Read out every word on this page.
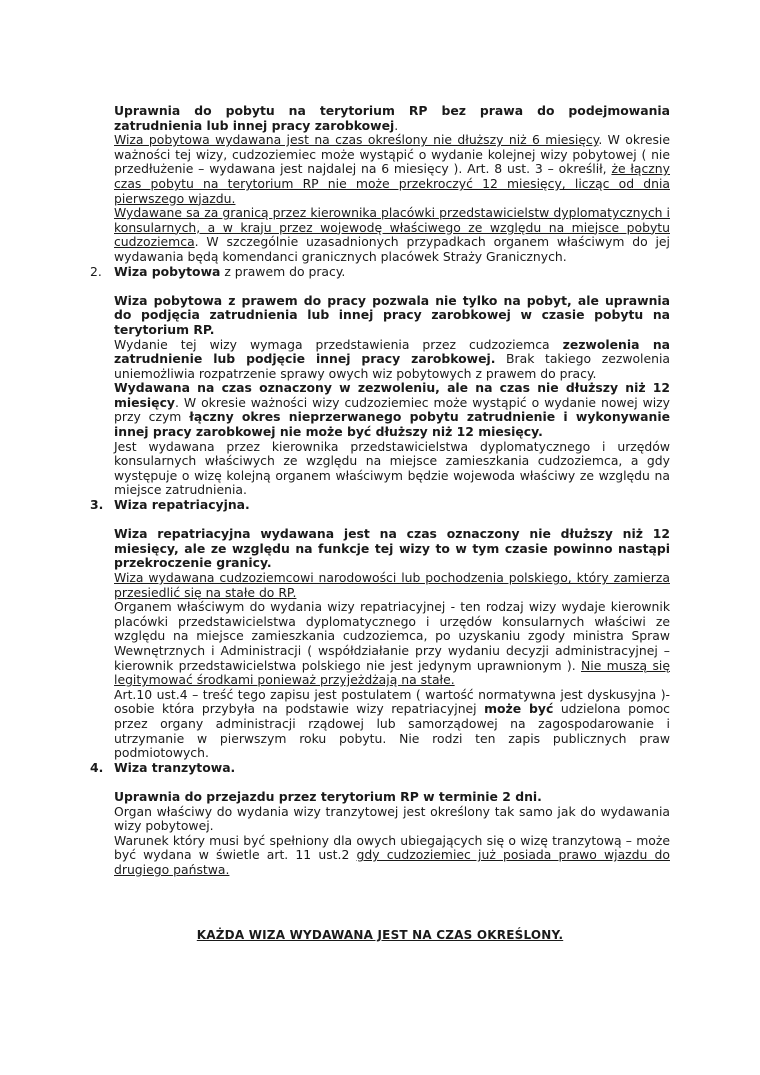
Uprawnia do pobytu na terytorium RP bez prawa do podejmowania zatrudnienia lub innej pracy zarobkowej.

Wiza pobytowa wydawana jest na czas określony nie dłuższy niż 6 miesięcy. W okresie ważności tej wizy, cudzoziemiec może wystąpić o wydanie kolejnej wizy pobytowej ( nie przedłużenie – wydawana jest najdalej na 6 miesięcy ). Art. 8 ust. 3 – określił, że łączny czas pobytu na terytorium RP nie może przekroczyć 12 miesięcy, licząc od dnia pierwszego wjazdu.

Wydawane sa za granicą przez kierownika placówki przedstawicielstw dyplomatycznych i konsularnych, a w kraju przez wojewodę właściwego ze względu na miejsce pobytu cudzoziemca. W szczególnie uzasadnionych przypadkach organem właściwym do jej wydawania będą komendanci granicznych placówek Straży Granicznych.

2. Wiza pobytowa z prawem do pracy.

Wiza pobytowa z prawem do pracy pozwala nie tylko na pobyt, ale uprawnia do podjęcia zatrudnienia lub innej pracy zarobkowej w czasie pobytu na terytorium RP.

Wydanie tej wizy wymaga przedstawienia przez cudzoziemca zezwolenia na zatrudnienie lub podjęcie innej pracy zarobkowej. Brak takiego zezwolenia uniemożliwia rozpatrzenie sprawy owych wiz pobytowych z prawem do pracy.

Wydawana na czas oznaczony w zezwoleniu, ale na czas nie dłuższy niż 12 miesięcy. W okresie ważności wizy cudzoziemiec może wystąpić o wydanie nowej wizy przy czym łączny okres nieprzerwanego pobytu zatrudnienie i wykonywanie innej pracy zarobkowej nie może być dłuższy niż 12 miesięcy.

Jest wydawana przez kierownika przedstawicielstwa dyplomatycznego i urzędów konsularnych właściwych ze względu na miejsce zamieszkania cudzoziemca, a gdy występuje o wizę kolejną organem właściwym będzie wojewoda właściwy ze względu na miejsce zatrudnienia.

3. Wiza repatriacyjna.

Wiza repatriacyjna wydawana jest na czas oznaczony nie dłuższy niż 12 miesięcy, ale ze względu na funkcje tej wizy to w tym czasie powinno nastąpi przekroczenie granicy.

Wiza wydawana cudzoziemcowi narodowości lub pochodzenia polskiego, który zamierza przesiedlić się na stałe do RP.

Organem właściwym do wydania wizy repatriacyjnej - ten rodzaj wizy wydaje kierownik placówki przedstawicielstwa dyplomatycznego i urzędów konsularnych właściwi ze względu na miejsce zamieszkania cudzoziemca, po uzyskaniu zgody ministra Spraw Wewnętrznych i Administracji ( współdziałanie przy wydaniu decyzji administracyjnej – kierownik przedstawicielstwa polskiego nie jest jedynym uprawnionym ). Nie muszą się legitymować środkami ponieważ przyjeżdżają na stałe.

Art.10 ust.4 – treść tego zapisu jest postulatem ( wartość normatywna jest dyskusyjna )- osobie która przybyła na podstawie wizy repatriacyjnej może być udzielona pomoc przez organy administracji rządowej lub samorządowej na zagospodarowanie i utrzymanie w pierwszym roku pobytu. Nie rodzi ten zapis publicznych praw podmiotowych.

4. Wiza tranzytowa.

Uprawnia do przejazdu przez terytorium RP w terminie 2 dni.

Organ właściwy do wydania wizy tranzytowej jest określony tak samo jak do wydawania wizy pobytowej.

Warunek który musi być spełniony dla owych ubiegających się o wizę tranzytową – może być wydana w świetle art. 11 ust.2 gdy cudzoziemiec już posiada prawo wjazdu do drugiego państwa.

KAŻDA WIZA WYDAWANA JEST NA CZAS OKREŚLONY.
